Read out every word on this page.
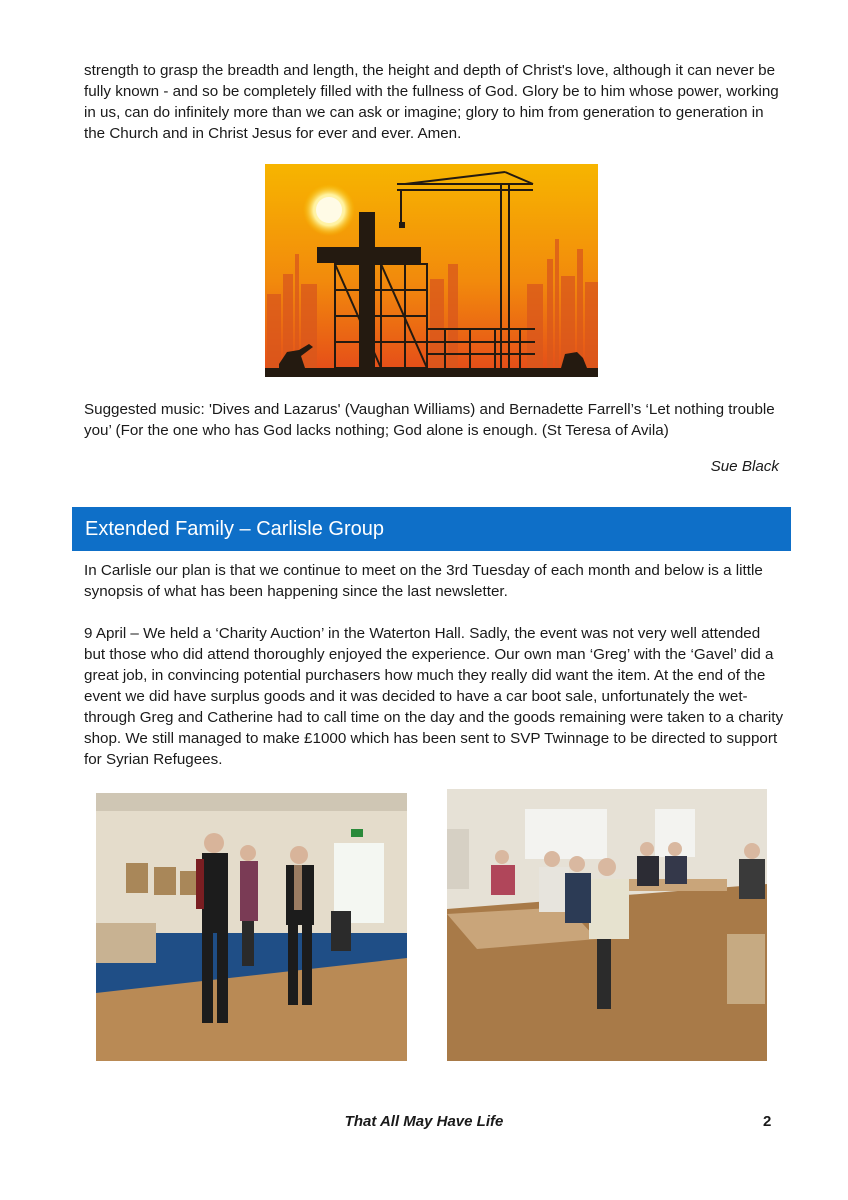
strength to grasp the breadth and length, the height and depth of Christ's love, although it can never be fully known - and so be completely filled with the fullness of God. Glory be to him whose power, working in us, can do infinitely more than we can ask or imagine; glory to him from generation to generation in the Church and in Christ Jesus for ever and ever. Amen.

Suggested music: 'Dives and Lazarus' (Vaughan Williams) and Bernadette Farrell’s ‘Let nothing trouble you’ (For the one who has God lacks nothing; God alone is enough. (St Teresa of Avila)

Sue Black
Extended Family – Carlisle Group

In Carlisle our plan is that we continue to meet on the 3rd Tuesday of each month and below is a little synopsis of what has been happening since the last newsletter.

9 April – We held a ‘Charity Auction’ in the Waterton Hall. Sadly, the event was not very well attended but those who did attend thoroughly enjoyed the experience. Our own man ‘Greg’ with the ‘Gavel’ did a great job, in convincing potential purchasers how much they really did want the item. At the end of the event we did have surplus goods and it was decided to have a car boot sale, unfortunately the wet-through Greg and Catherine had to call time on the day and the goods remaining were taken to a charity shop. We still managed to make £1000 which has been sent to SVP Twinnage to be directed to support for Syrian Refugees.

That All May Have Life	2
